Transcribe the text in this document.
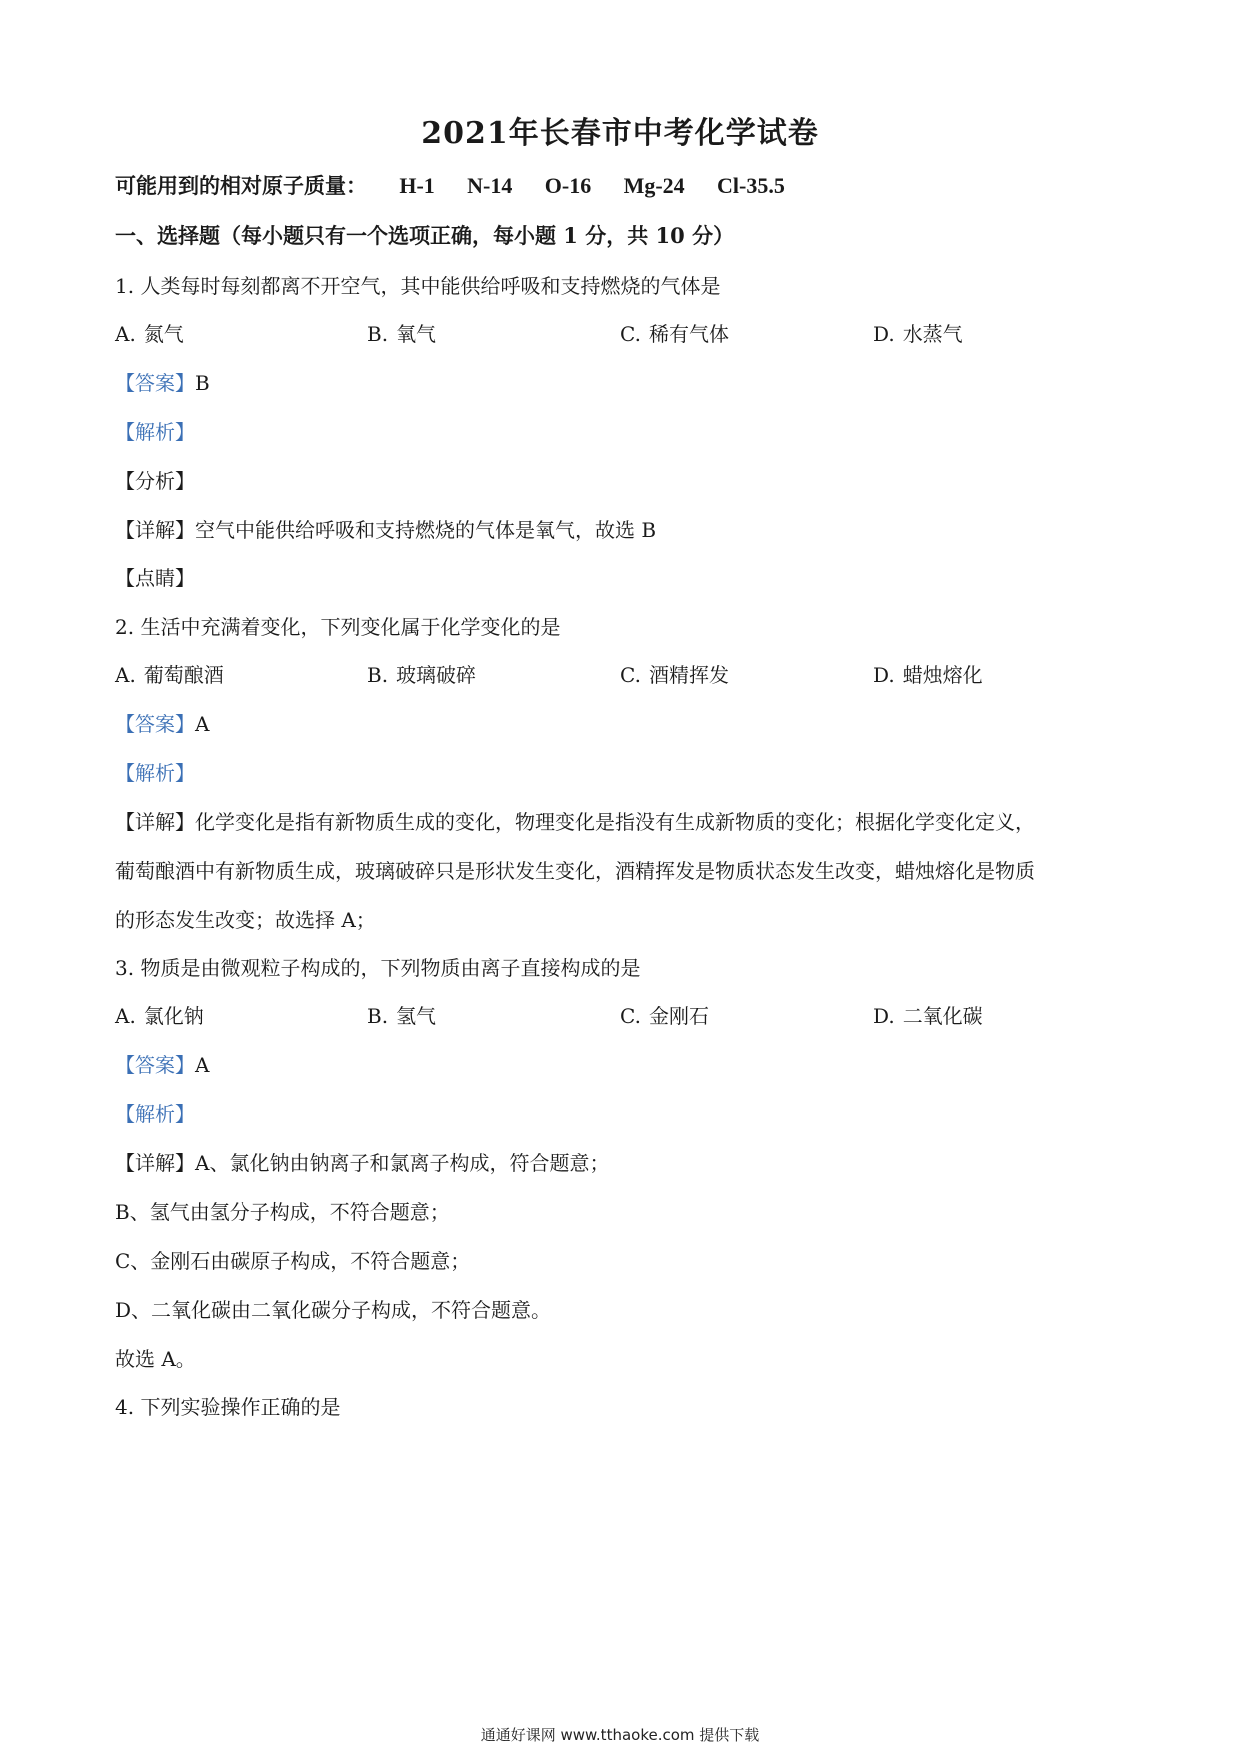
2021年长春市中考化学试卷
可能用到的相对原子质量： H-1 N-14 O-16 Mg-24 Cl-35.5
一、选择题（每小题只有一个选项正确，每小题 1 分，共 10 分）
1. 人类每时每刻都离不开空气，其中能供给呼吸和支持燃烧的气体是
A. 氮气	B. 氧气	C. 稀有气体	D. 水蒸气
【答案】B
【解析】
【分析】
【详解】空气中能供给呼吸和支持燃烧的气体是氧气，故选 B
【点睛】
2. 生活中充满着变化，下列变化属于化学变化的是
A. 葡萄酿酒	B. 玻璃破碎	C. 酒精挥发	D. 蜡烛熔化
【答案】A
【解析】
【详解】化学变化是指有新物质生成的变化，物理变化是指没有生成新物质的变化；根据化学变化定义，
葡萄酿酒中有新物质生成，玻璃破碎只是形状发生变化，酒精挥发是物质状态发生改变，蜡烛熔化是物质
的形态发生改变；故选择 A；
3. 物质是由微观粒子构成的，下列物质由离子直接构成的是
A. 氯化钠	B. 氢气	C. 金刚石	D. 二氧化碳
【答案】A
【解析】
【详解】A、氯化钠由钠离子和氯离子构成，符合题意；
B、氢气由氢分子构成，不符合题意；
C、金刚石由碳原子构成，不符合题意；
D、二氧化碳由二氧化碳分子构成，不符合题意。
故选 A。
4. 下列实验操作正确的是
通通好课网 www.tthaoke.com 提供下载
